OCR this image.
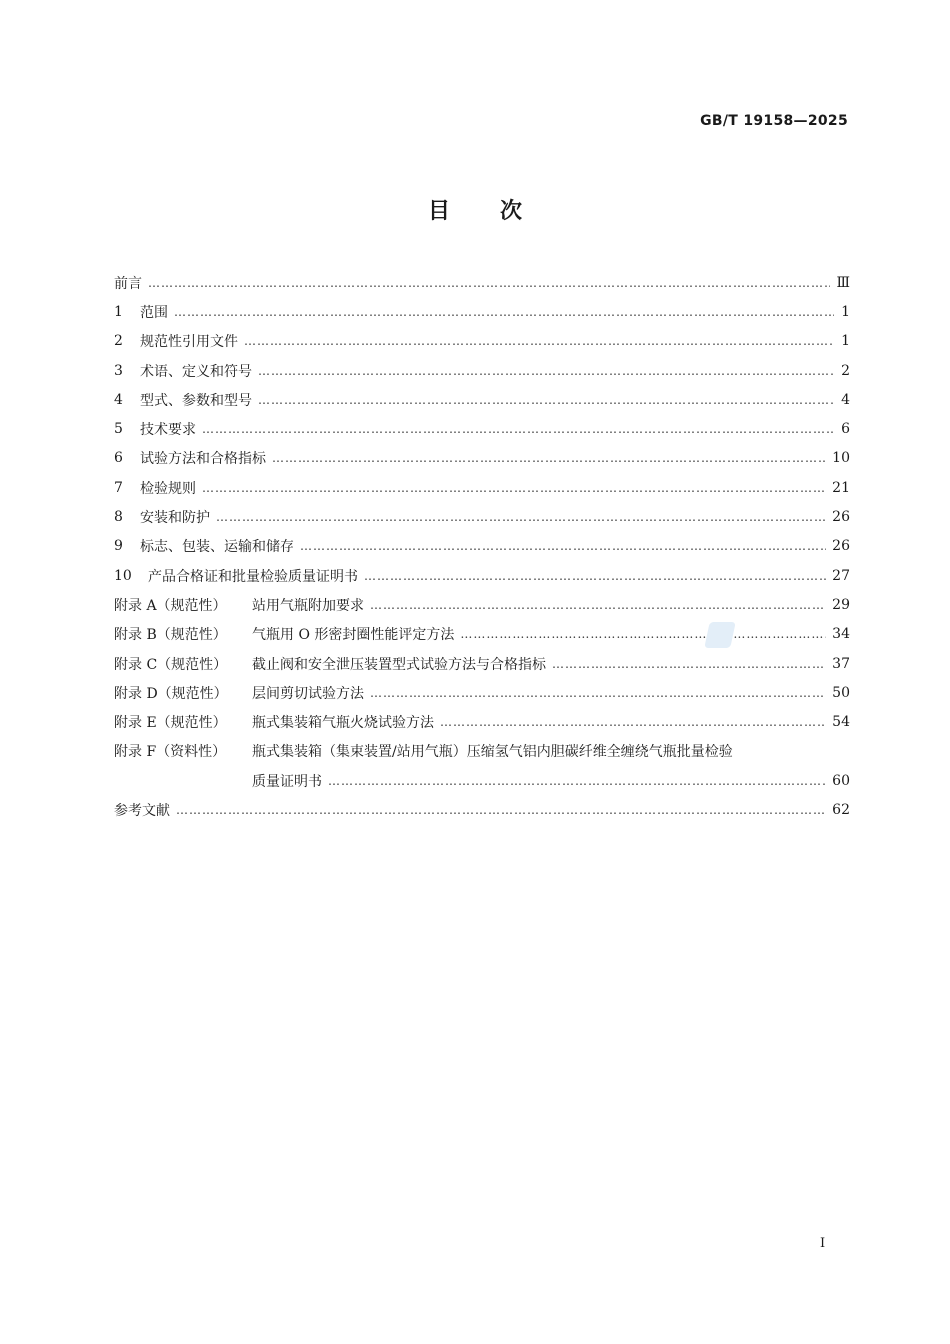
GB/T 19158—2025
目次
前言 ……………………………………………………………………………………………………………………………………………………………………………………	Ⅲ
1	范围 ……………………………………………………………………………………………………………………………………………………………………………………	1
2	规范性引用文件 ……………………………………………………………………………………………………………………………………………………………………………………	1
3	术语、定义和符号 ……………………………………………………………………………………………………………………………………………………………………………………	2
4	型式、参数和型号 ……………………………………………………………………………………………………………………………………………………………………………………	4
5	技术要求 ……………………………………………………………………………………………………………………………………………………………………………………	6
6	试验方法和合格指标 ……………………………………………………………………………………………………………………………………………………………………………………	10
7	检验规则 ……………………………………………………………………………………………………………………………………………………………………………………	21
8	安装和防护 ……………………………………………………………………………………………………………………………………………………………………………………	26
9	标志、包装、运输和储存 ……………………………………………………………………………………………………………………………………………………………………………………	26
10	产品合格证和批量检验质量证明书 ……………………………………………………………………………………………………………………………………………………………………………………	27
附录 A（规范性）	站用气瓶附加要求 ……………………………………………………………………………………………………………………………………………………………………………………	29
附录 B（规范性）	气瓶用 O 形密封圈性能评定方法 ……………………………………………………………………………………………………………………………………………………………………………………	34
附录 C（规范性）	截止阀和安全泄压装置型式试验方法与合格指标 ……………………………………………………………………………………………………………………………………………………………………………………	37
附录 D（规范性）	层间剪切试验方法 ……………………………………………………………………………………………………………………………………………………………………………………	50
附录 E（规范性）	瓶式集装箱气瓶火烧试验方法 ……………………………………………………………………………………………………………………………………………………………………………………	54
附录 F（资料性）	瓶式集装箱（集束装置/站用气瓶）压缩氢气铝内胆碳纤维全缠绕气瓶批量检验
质量证明书 ……………………………………………………………………………………………………………………………………………………………………………………	60
参考文献 ……………………………………………………………………………………………………………………………………………………………………………………	62
Ⅰ
